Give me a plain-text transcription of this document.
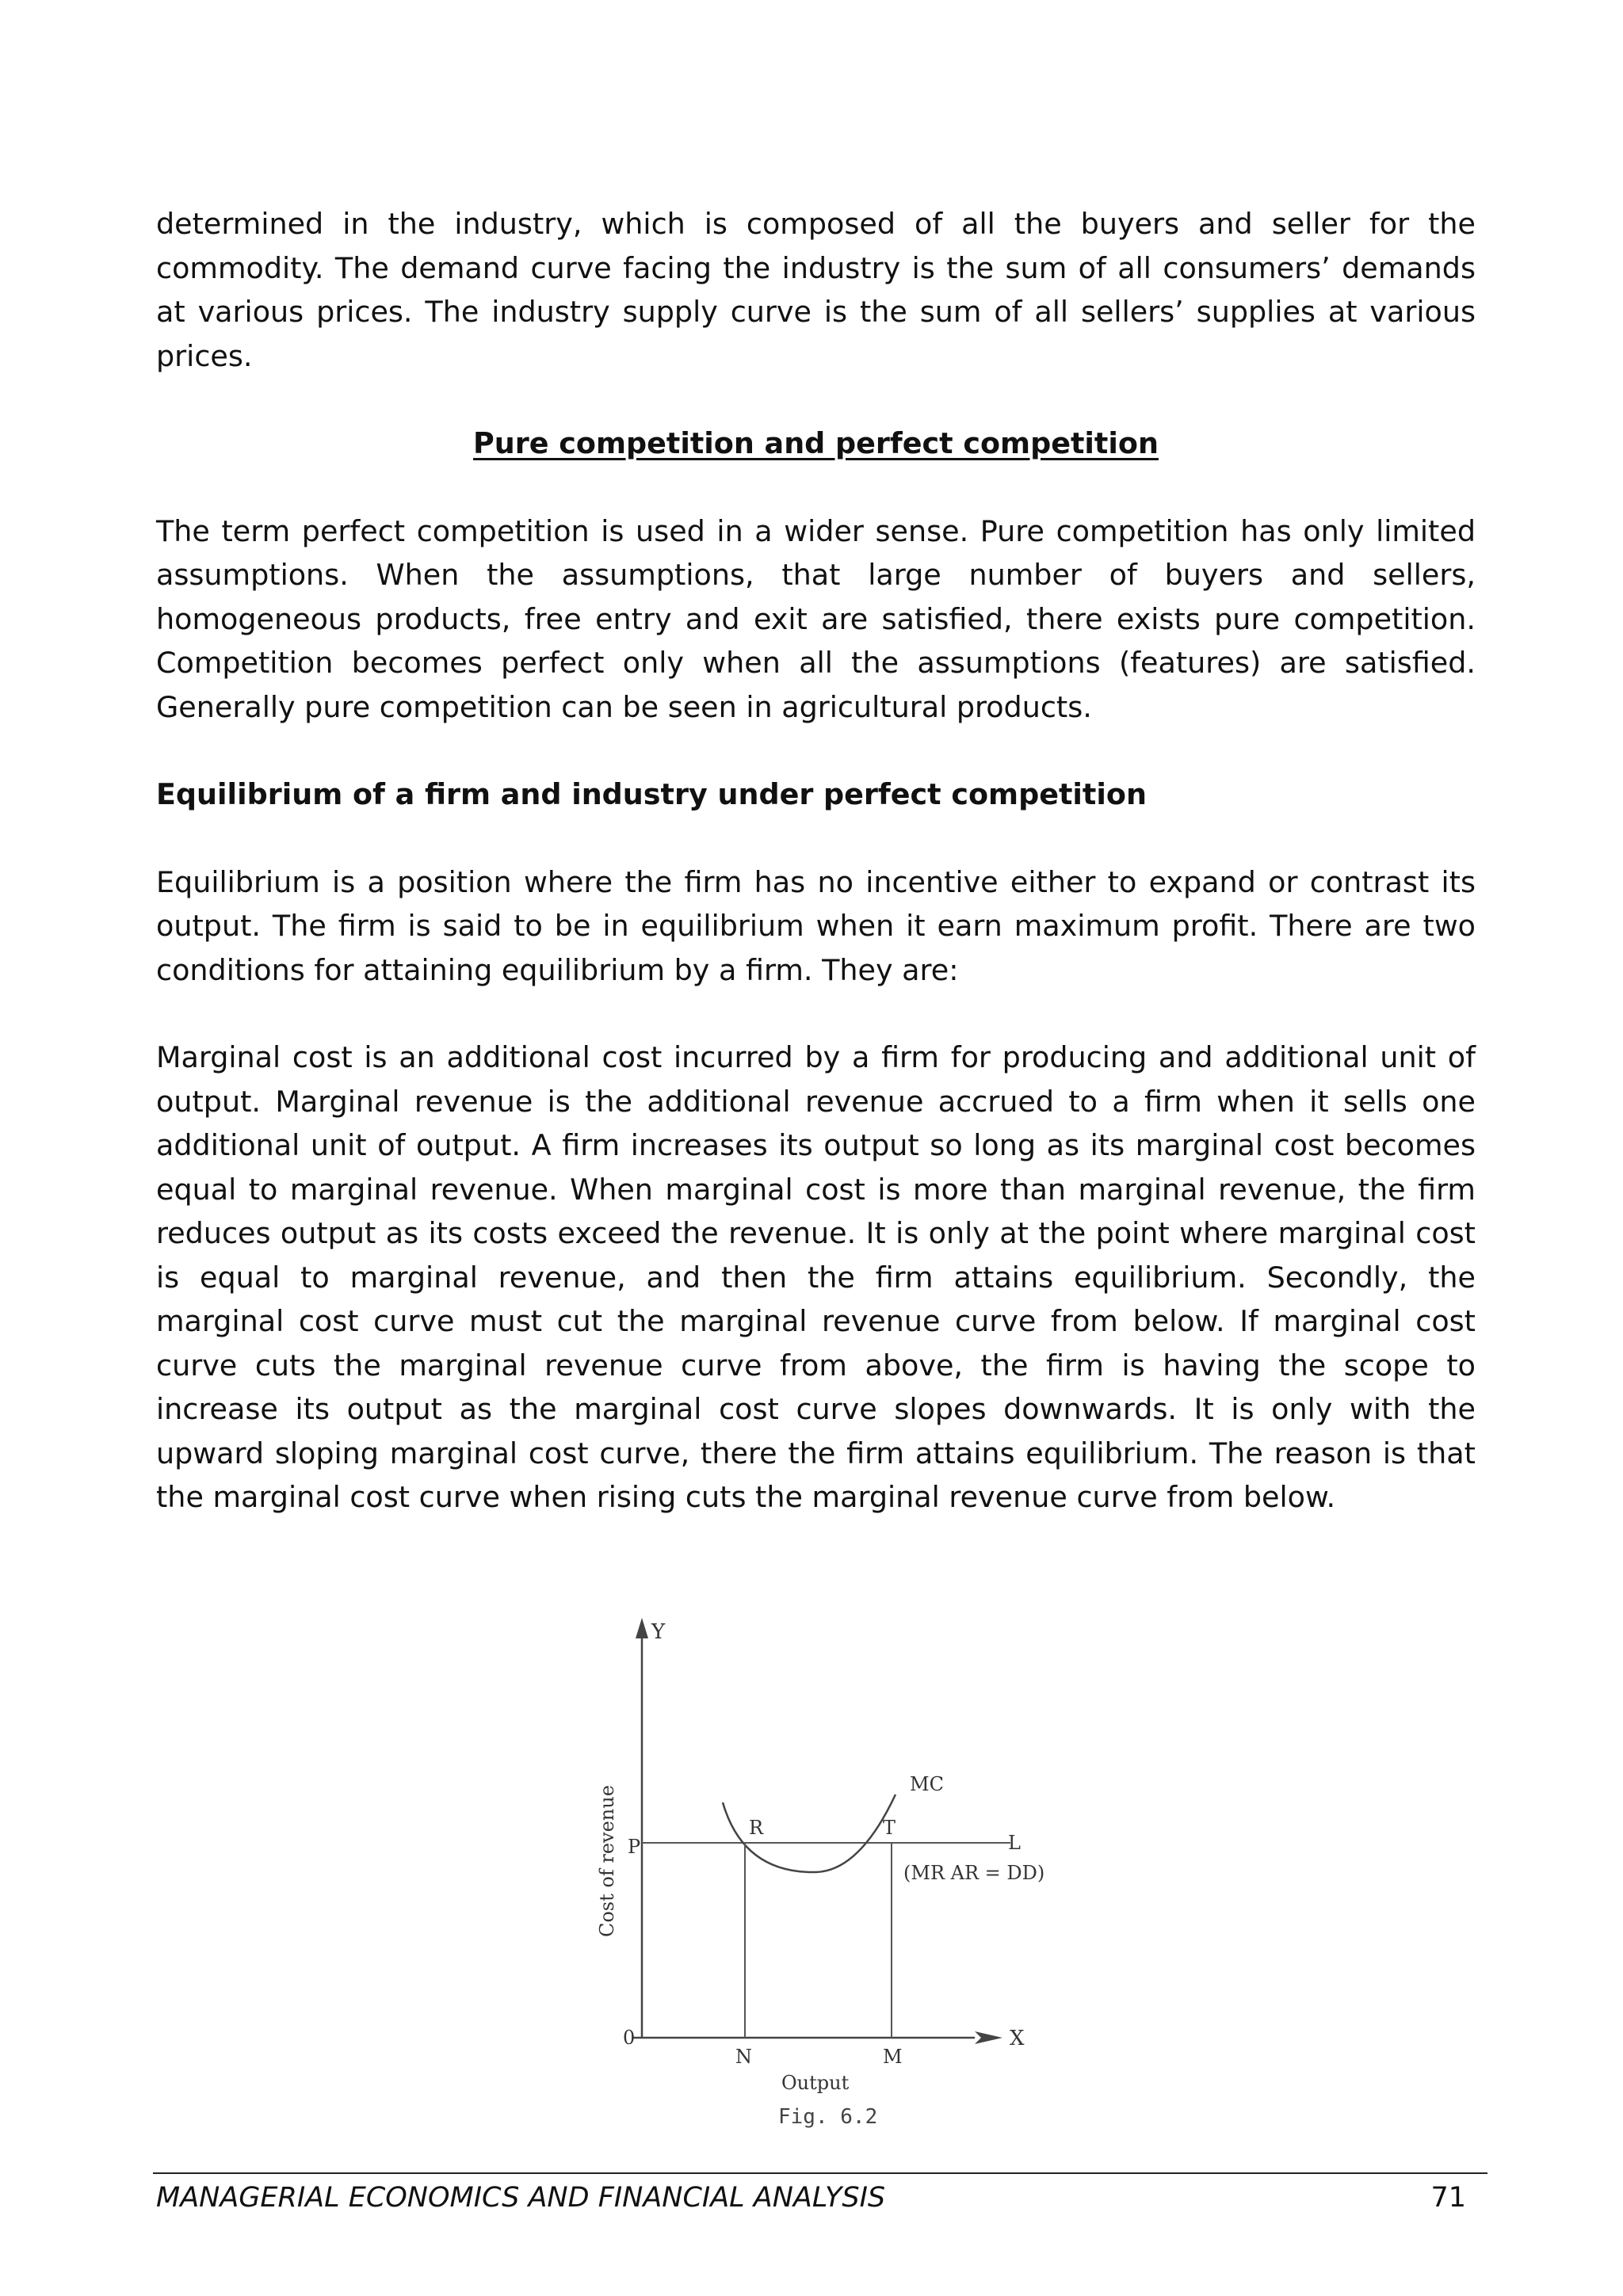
determined in the industry, which is composed of all the buyers and seller for the commodity. The demand curve facing the industry is the sum of all consumers’ demands at various prices. The industry supply curve is the sum of all sellers’ supplies at various prices.

Pure competition and perfect competition

The term perfect competition is used in a wider sense. Pure competition has only limited assumptions. When the assumptions, that large number of buyers and sellers, homogeneous products, free entry and exit are satisfied, there exists pure competition. Competition becomes perfect only when all the assumptions (features) are satisfied. Generally pure competition can be seen in agricultural products.

Equilibrium of a firm and industry under perfect competition

Equilibrium is a position where the firm has no incentive either to expand or contrast its output. The firm is said to be in equilibrium when it earn maximum profit. There are two conditions for attaining equilibrium by a firm. They are:

Marginal cost is an additional cost incurred by a firm for producing and additional unit of output. Marginal revenue is the additional revenue accrued to a firm when it sells one additional unit of output. A firm increases its output so long as its marginal cost becomes equal to marginal revenue. When marginal cost is more than marginal revenue, the firm reduces output as its costs exceed the revenue. It is only at the point where marginal cost is equal to marginal revenue, and then the firm attains equilibrium. Secondly, the marginal cost curve must cut the marginal revenue curve from below. If marginal cost curve cuts the marginal revenue curve from above, the firm is having the scope to increase its output as the marginal cost curve slopes downwards. It is only with the upward sloping marginal cost curve, there the firm attains equilibrium. The reason is that the marginal cost curve when rising cuts the marginal revenue curve from below.

Y
X
0
Cost of revenue P	L
(MR AR = DD)
MC
R	T
N	M
Output
Fig. 6.2
MANAGERIAL ECONOMICS AND FINANCIAL ANALYSIS	71
